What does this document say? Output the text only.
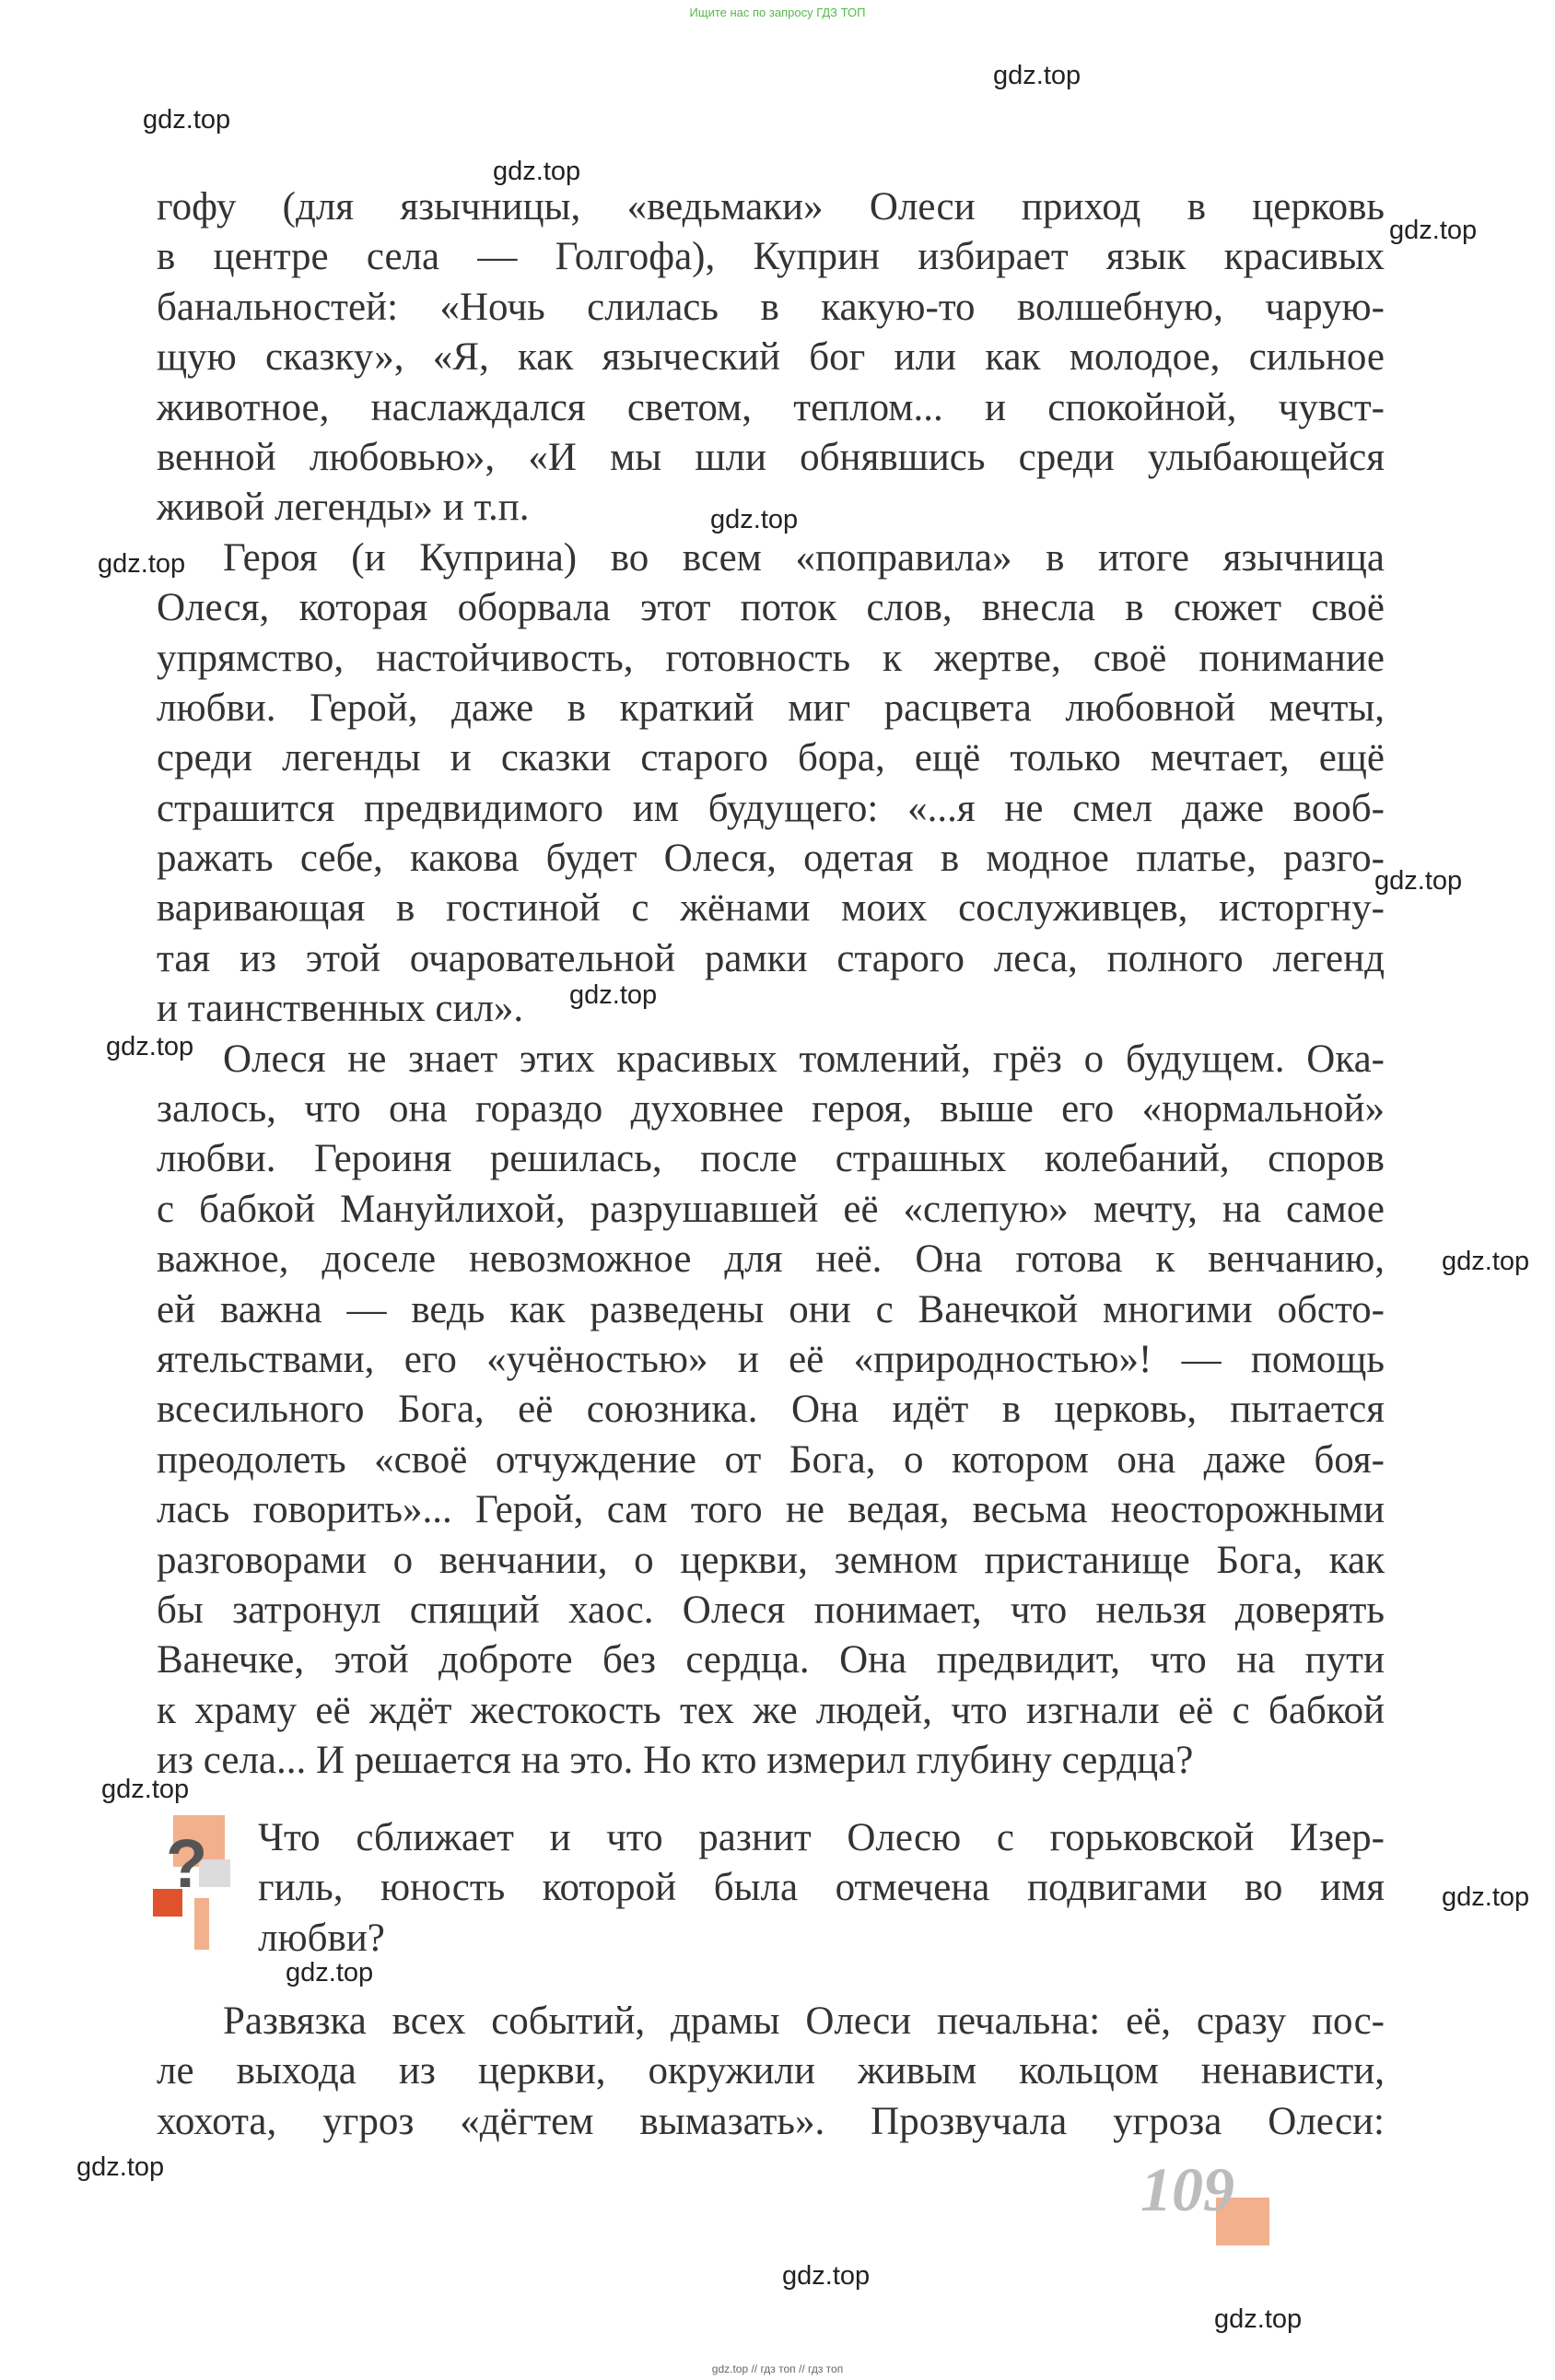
Ищите нас по запросу ГДЗ ТОП
gdz.top
gdz.top
gdz.top
gdz.top
gdz.top
gdz.top
gdz.top
gdz.top
gdz.top
gdz.top
gdz.top
gdz.top
gdz.top
gdz.top
gdz.top
gdz.top
гофу (для язычницы, «ведьмаки» Олеси приход в церковь
в центре села — Голгофа), Куприн избирает язык красивых
банальностей: «Ночь слилась в какую-то волшебную, чарую-
щую сказку», «Я, как языческий бог или как молодое, сильное
животное, наслаждался светом, теплом... и спокойной, чувст-
венной любовью», «И мы шли обнявшись среди улыбающейся
живой легенды» и т.п.
Героя (и Куприна) во всем «поправила» в итоге язычница
Олеся, которая оборвала этот поток слов, внесла в сюжет своё
упрямство, настойчивость, готовность к жертве, своё понимание
любви. Герой, даже в краткий миг расцвета любовной мечты,
среди легенды и сказки старого бора, ещё только мечтает, ещё
страшится предвидимого им будущего: «...я не смел даже вооб-
ражать себе, какова будет Олеся, одетая в модное платье, разго-
варивающая в гостиной с жёнами моих сослуживцев, исторгну-
тая из этой очаровательной рамки старого леса, полного легенд
и таинственных сил».
Олеся не знает этих красивых томлений, грёз о будущем. Ока-
залось, что она гораздо духовнее героя, выше его «нормальной»
любви. Героиня решилась, после страшных колебаний, споров
с бабкой Мануйлихой, разрушавшей её «слепую» мечту, на самое
важное, доселе невозможное для неё. Она готова к венчанию,
ей важна — ведь как разведены они с Ванечкой многими обсто-
ятельствами, его «учёностью» и её «природностью»! — помощь
всесильного Бога, её союзника. Она идёт в церковь, пытается
преодолеть «своё отчуждение от Бога, о котором она даже боя-
лась говорить»... Герой, сам того не ведая, весьма неосторожными
разговорами о венчании, о церкви, земном пристанище Бога, как
бы затронул спящий хаос. Олеся понимает, что нельзя доверять
Ванечке, этой доброте без сердца. Она предвидит, что на пути
к храму её ждёт жестокость тех же людей, что изгнали её с бабкой
из села... И решается на это. Но кто измерил глубину сердца?
? Что сближает и что разнит Олесю с горьковской Изер-
гиль, юность которой была отмечена подвигами во имя
любви?
Развязка всех событий, драмы Олеси печальна: её, сразу пос-
ле выхода из церкви, окружили живым кольцом ненависти,
хохота, угроз «дёгтем вымазать». Прозвучала угроза Олеси:
109
gdz.top // гдз топ // гдз топ
